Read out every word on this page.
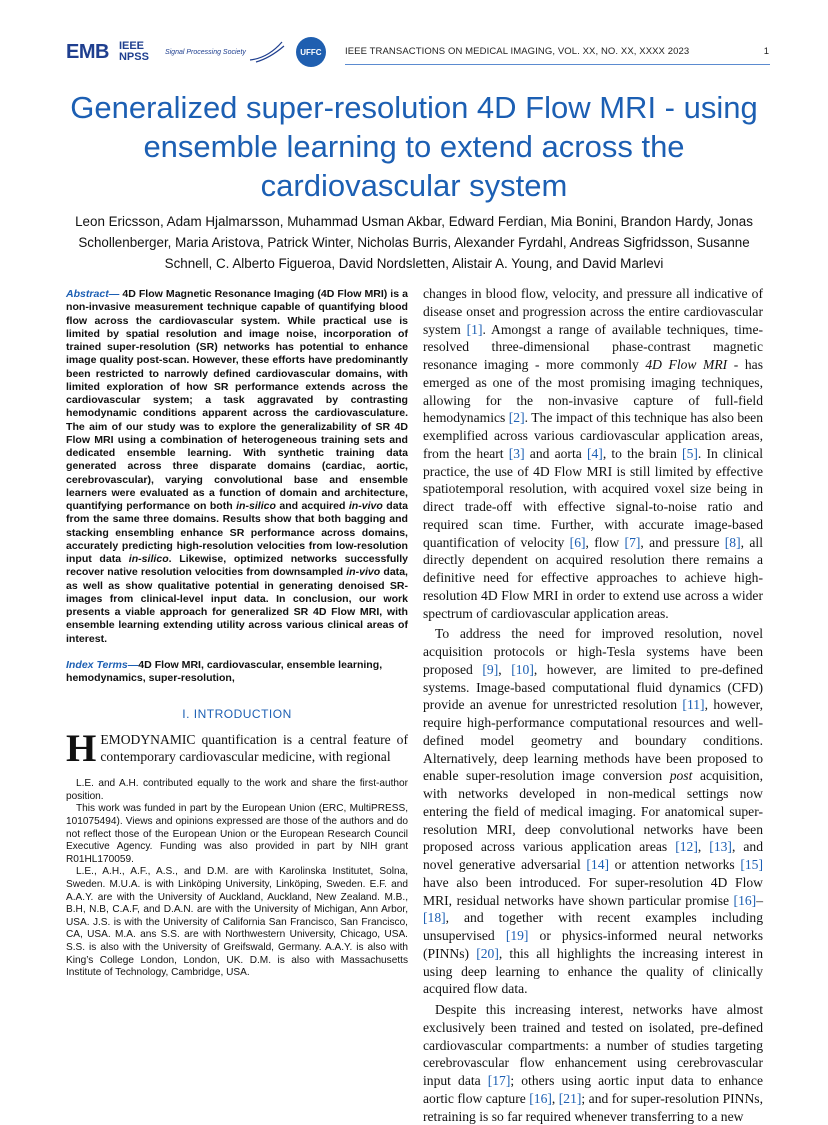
EMB IEEE NPSS	Signal Processing Society	UFFC	IEEE TRANSACTIONS ON MEDICAL IMAGING, VOL. XX, NO. XX, XXXX 2023	1
Generalized super-resolution 4D Flow MRI - using ensemble learning to extend across the cardiovascular system
Leon Ericsson, Adam Hjalmarsson, Muhammad Usman Akbar, Edward Ferdian, Mia Bonini, Brandon Hardy, Jonas Schollenberger, Maria Aristova, Patrick Winter, Nicholas Burris, Alexander Fyrdahl, Andreas Sigfridsson, Susanne Schnell, C. Alberto Figueroa, David Nordsletten, Alistair A. Young, and David Marlevi
Abstract— 4D Flow Magnetic Resonance Imaging (4D Flow MRI) is a non-invasive measurement technique capable of quantifying blood flow across the cardiovascular system. While practical use is limited by spatial resolution and image noise, incorporation of trained super-resolution (SR) networks has potential to enhance image quality post-scan. However, these efforts have predominantly been restricted to narrowly defined cardiovascular domains, with limited exploration of how SR performance extends across the cardiovascular system; a task aggravated by contrasting hemodynamic conditions apparent across the cardiovasculature. The aim of our study was to explore the generalizability of SR 4D Flow MRI using a combination of heterogeneous training sets and dedicated ensemble learning. With synthetic training data generated across three disparate domains (cardiac, aortic, cerebrovascular), varying convolutional base and ensemble learners were evaluated as a function of domain and architecture, quantifying performance on both in-silico and acquired in-vivo data from the same three domains. Results show that both bagging and stacking ensembling enhance SR performance across domains, accurately predicting high-resolution velocities from low-resolution input data in-silico. Likewise, optimized networks successfully recover native resolution velocities from downsampled in-vivo data, as well as show qualitative potential in generating denoised SR-images from clinical-level input data. In conclusion, our work presents a viable approach for generalized SR 4D Flow MRI, with ensemble learning extending utility across various clinical areas of interest.
Index Terms—4D Flow MRI, cardiovascular, ensemble learning, hemodynamics, super-resolution,
I. INTRODUCTION
HEMODYNAMIC quantification is a central feature of contemporary cardiovascular medicine, with regional

L.E. and A.H. contributed equally to the work and share the first-author position.

This work was funded in part by the European Union (ERC, MultiPRESS, 101075494). Views and opinions expressed are those of the authors and do not reflect those of the European Union or the European Research Council Executive Agency. Funding was also provided in part by NIH grant R01HL170059.

L.E., A.H., A.F., A.S., and D.M. are with Karolinska Institutet, Solna, Sweden. M.U.A. is with Linköping University, Linköping, Sweden. E.F. and A.A.Y. are with the University of Auckland, Auckland, New Zealand. M.B., B.H, N.B, C.A.F, and D.A.N. are with the University of Michigan, Ann Arbor, USA. J.S. is with the University of California San Francisco, San Francisco, CA, USA. M.A. ans S.S. are with Northwestern University, Chicago, USA. S.S. is also with the University of Greifswald, Germany. A.A.Y. is also with King’s College London, London, UK. D.M. is also with Massachusetts Institute of Technology, Cambridge, USA.

changes in blood flow, velocity, and pressure all indicative of disease onset and progression across the entire cardiovascular system [1]. Amongst a range of available techniques, time-resolved three-dimensional phase-contrast magnetic resonance imaging - more commonly 4D Flow MRI - has emerged as one of the most promising imaging techniques, allowing for the non-invasive capture of full-field hemodynamics [2]. The impact of this technique has also been exemplified across various cardiovascular application areas, from the heart [3] and aorta [4], to the brain [5]. In clinical practice, the use of 4D Flow MRI is still limited by effective spatiotemporal resolution, with acquired voxel size being in direct trade-off with effective signal-to-noise ratio and required scan time. Further, with accurate image-based quantification of velocity [6], flow [7], and pressure [8], all directly dependent on acquired resolution there remains a definitive need for effective approaches to achieve high-resolution 4D Flow MRI in order to extend use across a wider spectrum of cardiovascular application areas.

To address the need for improved resolution, novel acquisition protocols or high-Tesla systems have been proposed [9], [10], however, are limited to pre-defined systems. Image-based computational fluid dynamics (CFD) provide an avenue for unrestricted resolution [11], however, require high-performance computational resources and well-defined model geometry and boundary conditions. Alternatively, deep learning methods have been proposed to enable super-resolution image conversion post acquisition, with networks developed in non-medical settings now entering the field of medical imaging. For anatomical super-resolution MRI, deep convolutional networks have been proposed across various application areas [12], [13], and novel generative adversarial [14] or attention networks [15] have also been introduced. For super-resolution 4D Flow MRI, residual networks have shown particular promise [16]–[18], and together with recent examples including unsupervised [19] or physics-informed neural networks (PINNs) [20], this all highlights the increasing interest in using deep learning to enhance the quality of clinically acquired flow data.

Despite this increasing interest, networks have almost exclusively been trained and tested on isolated, pre-defined cardiovascular compartments: a number of studies targeting cerebrovascular flow enhancement using cerebrovascular input data [17]; others using aortic input data to enhance aortic flow capture [16], [21]; and for super-resolution PINNs, retraining is so far required whenever transferring to a new
